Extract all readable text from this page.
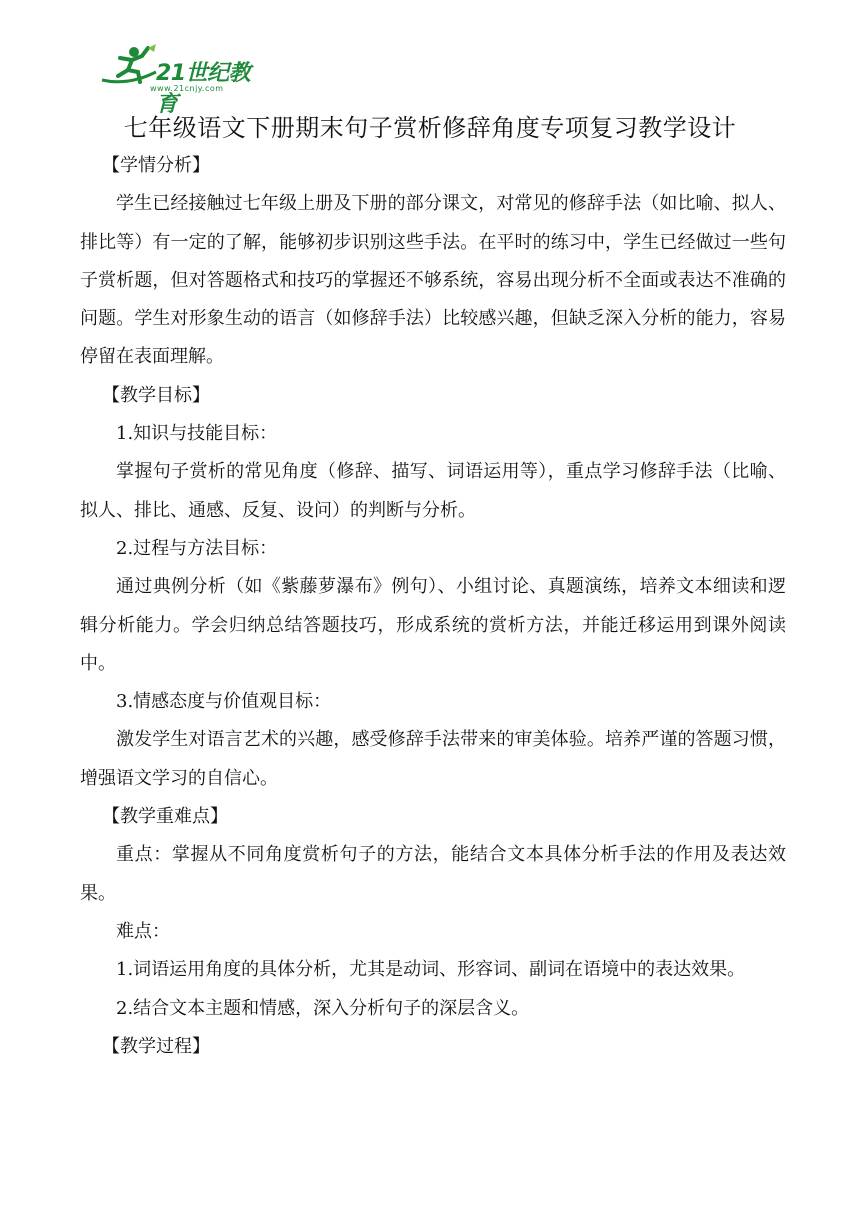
21世纪教育
www.21cnjy.com
七年级语文下册期末句子赏析修辞角度专项复习教学设计

【学情分析】

学生已经接触过七年级上册及下册的部分课文，对常见的修辞手法（如比喻、拟人、排比等）有一定的了解，能够初步识别这些手法。在平时的练习中，学生已经做过一些句子赏析题，但对答题格式和技巧的掌握还不够系统，容易出现分析不全面或表达不准确的问题。学生对形象生动的语言（如修辞手法）比较感兴趣，但缺乏深入分析的能力，容易停留在表面理解。

【教学目标】

1.知识与技能目标：

掌握句子赏析的常见角度（修辞、描写、词语运用等），重点学习修辞手法（比喻、拟人、排比、通感、反复、设问）的判断与分析。

2.过程与方法目标：

通过典例分析（如《紫藤萝瀑布》例句）、小组讨论、真题演练，培养文本细读和逻辑分析能力。学会归纳总结答题技巧，形成系统的赏析方法，并能迁移运用到课外阅读中。

3.情感态度与价值观目标：

激发学生对语言艺术的兴趣，感受修辞手法带来的审美体验。培养严谨的答题习惯，增强语文学习的自信心。

【教学重难点】

重点：掌握从不同角度赏析句子的方法，能结合文本具体分析手法的作用及表达效果。

难点：

1.词语运用角度的具体分析，尤其是动词、形容词、副词在语境中的表达效果。

2.结合文本主题和情感，深入分析句子的深层含义。

【教学过程】
